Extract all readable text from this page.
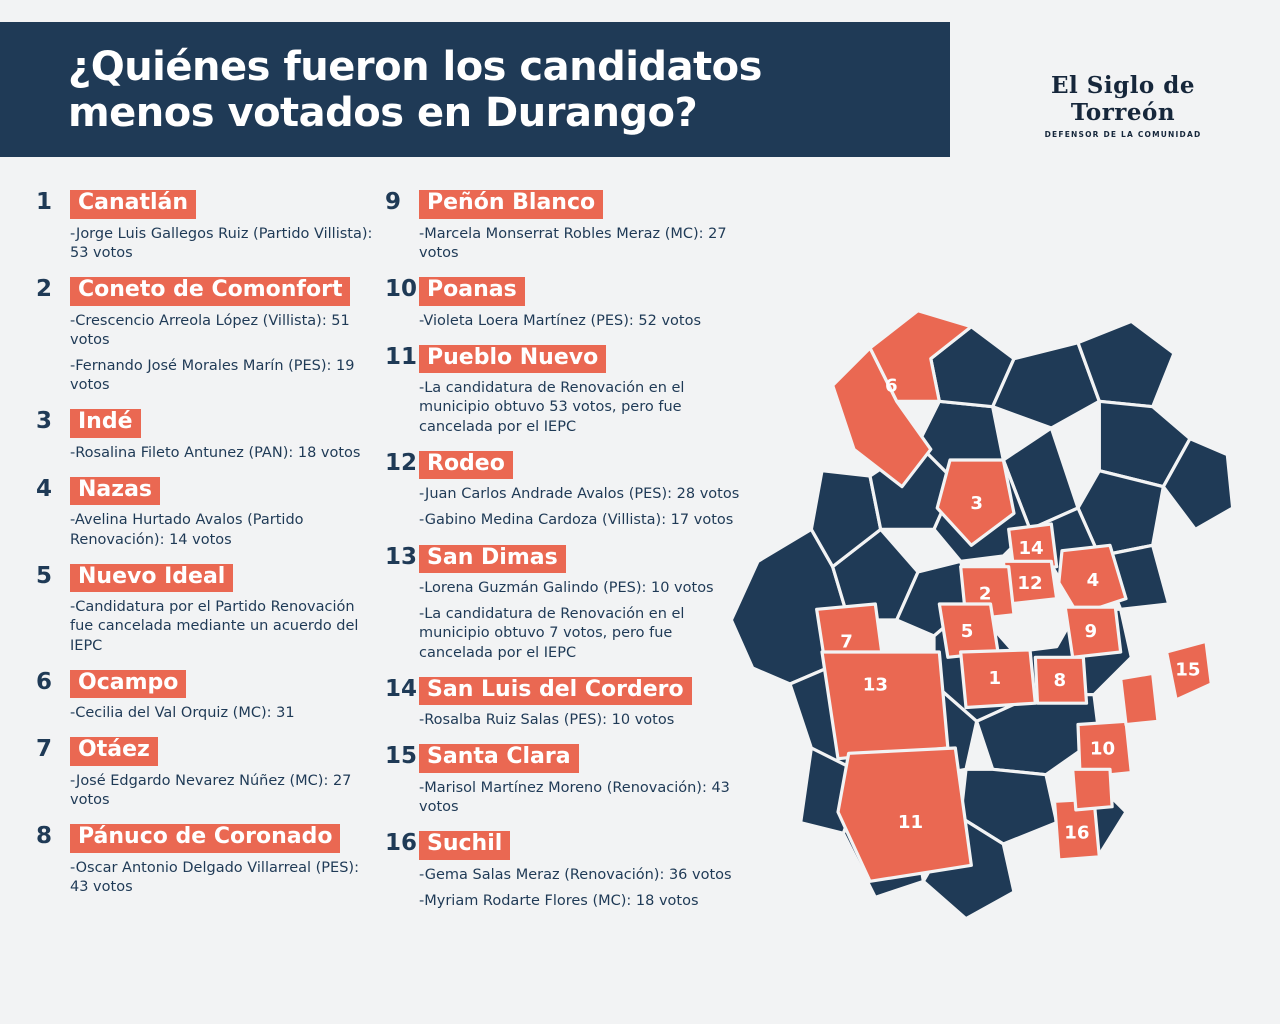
¿Quiénes fueron los candidatos
menos votados en Durango?
El Siglo de Torreón
DEFENSOR DE LA COMUNIDAD
1	Canatlán
-Jorge Luis Gallegos Ruiz (Partido Villista): 53 votos
2	Coneto de Comonfort
-Crescencio Arreola López (Villista): 51 votos
-Fernando José Morales Marín (PES): 19 votos
3	Indé
-Rosalina Fileto Antunez (PAN): 18 votos
4	Nazas
-Avelina Hurtado Avalos (Partido Renovación): 14 votos
5	Nuevo Ideal
-Candidatura por el Partido Renovación fue cancelada mediante un acuerdo del IEPC
6	Ocampo
-Cecilia del Val Orquiz (MC): 31
7	Otáez
-José Edgardo Nevarez Núñez (MC): 27 votos
8	Pánuco de Coronado
-Oscar Antonio Delgado Villarreal (PES): 43 votos
9	Peñón Blanco
-Marcela Monserrat Robles Meraz (MC): 27 votos
10 Poanas
-Violeta Loera Martínez (PES): 52 votos
11 Pueblo Nuevo
-La candidatura de Renovación en el municipio obtuvo 53 votos, pero fue cancelada por el IEPC
12 Rodeo
-Juan Carlos Andrade Avalos (PES): 28 votos
-Gabino Medina Cardoza (Villista): 17 votos
13 San Dimas
-Lorena Guzmán Galindo (PES): 10 votos
-La candidatura de Renovación en el municipio obtuvo 7 votos, pero fue cancelada por el IEPC
14 San Luis del Cordero
-Rosalba Ruiz Salas (PES): 10 votos
15 Santa Clara
-Marisol Martínez Moreno (Renovación): 43 votos
16 Suchil
-Gema Salas Meraz (Renovación): 36 votos
-Myriam Rodarte Flores (MC): 18 votos
6
3
14
12	4
2
5	9
7
8
1	15
13
10
11
16
